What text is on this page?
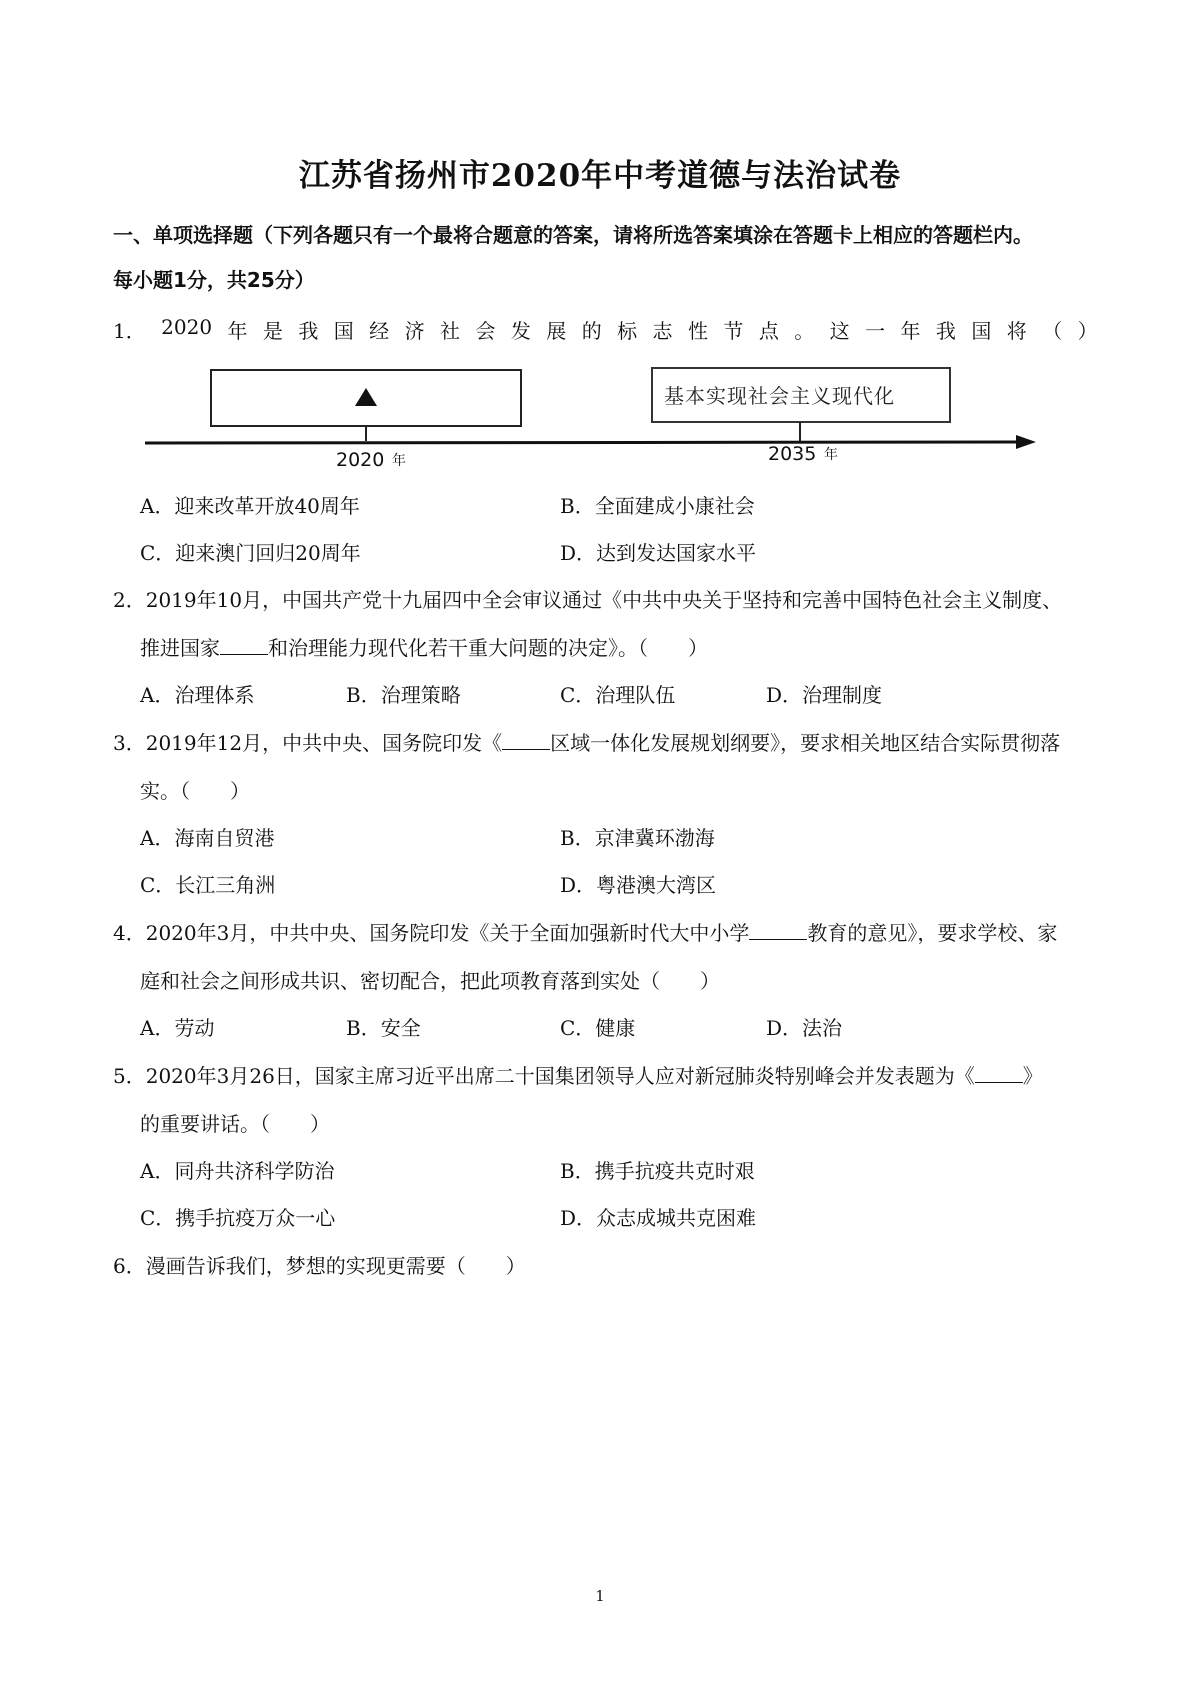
江苏省扬州市2020年中考道德与法治试卷
一、单项选择题（下列各题只有一个最将合题意的答案，请将所选答案填涂在答题卡上相应的答题栏内。
每小题1分，共25分）
1． 2020 年 是 我 国 经 济 社 会 发 展 的 标 志 性 节 点 。 这 一 年 我 国 将 （ ）
基本实现社会主义现代化
2020 年	2035 年
A．迎来改革开放40周年	B．全面建成小康社会
C．迎来澳门回归20周年	D．达到发达国家水平
2．2019年10月，中国共产党十九届四中全会审议通过《中共中央关于坚持和完善中国特色社会主义制度、
推进国家 和治理能力现代化若干重大问题的决定》。（　　）
A．治理体系	B．治理策略	C．治理队伍	D．治理制度
3．2019年12月，中共中央、国务院印发《 区域一体化发展规划纲要》，要求相关地区结合实际贯彻落
实。（　　）
A．海南自贸港	B．京津冀环渤海
C．长江三角洲	D．粤港澳大湾区
4．2020年3月，中共中央、国务院印发《关于全面加强新时代大中小学	教育的意见》，要求学校、家
庭和社会之间形成共识、密切配合，把此项教育落到实处（　　）
A．劳动	B．安全	C．健康	D．法治
5．2020年3月26日，国家主席习近平出席二十国集团领导人应对新冠肺炎特别峰会并发表题为《 》
的重要讲话。（　　）
A．同舟共济科学防治	B．携手抗疫共克时艰
C．携手抗疫万众一心	D．众志成城共克困难
6．漫画告诉我们，梦想的实现更需要（　　）
1
